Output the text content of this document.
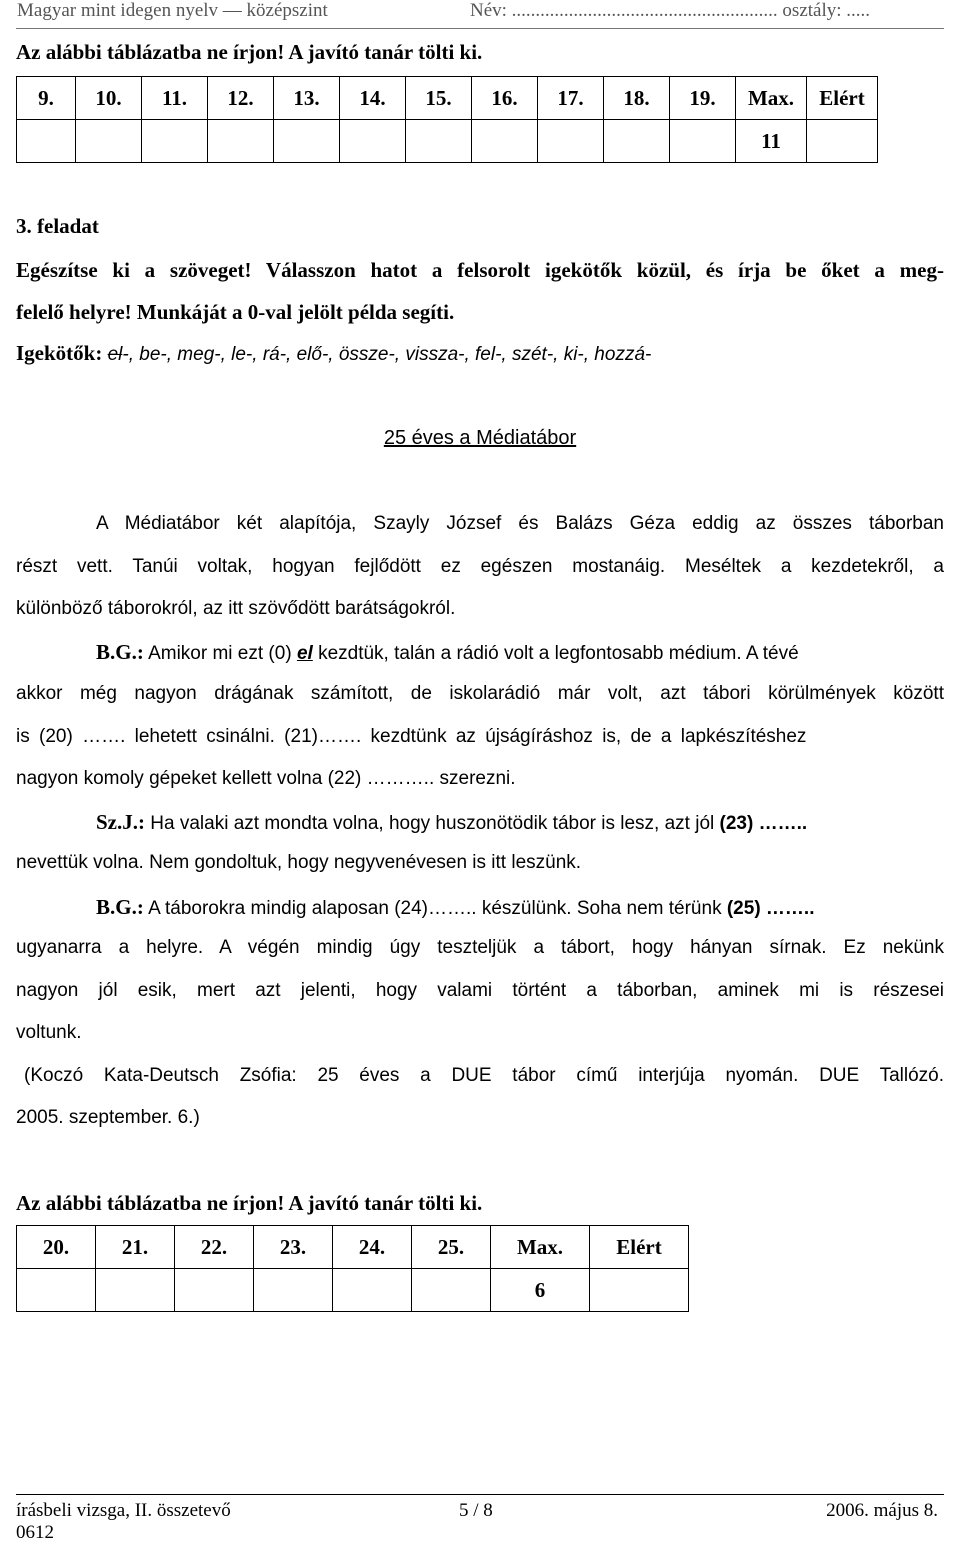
Magyar mint idegen nyelv — középszint	Név: ........................................................ osztály: .....
Az alábbi táblázatba ne írjon! A javító tanár tölti ki.
9.	10.	11.	12.	13.	14.	15.	16.	17.	18.	19.	Max.	Elért
											11	
3. feladat
Egészítse ki a szöveget! Válasszon hatot a felsorolt igekötők közül, és írja be őket a meg-
felelő helyre! Munkáját a 0-val jelölt példa segíti.
Igekötők: el-, be-, meg-, le-, rá-, elő-, össze-, vissza-, fel-, szét-, ki-, hozzá-
25 éves a Médiatábor
A Médiatábor két alapítója, Szayly József és Balázs Géza eddig az összes táborban
részt vett. Tanúi voltak, hogyan fejlődött ez egészen mostanáig. Meséltek a kezdetekről, a
különböző táborokról, az itt szövődött barátságokról.
B.G.: Amikor mi ezt (0) el kezdtük, talán a rádió volt a legfontosabb médium. A tévé
akkor még nagyon drágának számított, de iskolarádió már volt, azt tábori körülmények között
is (20) ……. lehetett csinálni. (21)……. kezdtünk az újságíráshoz is, de a lapkészítéshez
nagyon komoly gépeket kellett volna (22) ……….. szerezni.
Sz.J.: Ha valaki azt mondta volna, hogy huszonötödik tábor is lesz, azt jól (23) ……..
nevettük volna. Nem gondoltuk, hogy negyvenévesen is itt leszünk.
B.G.: A táborokra mindig alaposan (24)…….. készülünk. Soha nem térünk (25) ……..
ugyanarra a helyre. A végén mindig úgy teszteljük a tábort, hogy hányan sírnak. Ez nekünk
nagyon jól esik, mert azt jelenti, hogy valami történt a táborban, aminek mi is részesei
voltunk.
(Koczó Kata-Deutsch Zsófia: 25 éves a DUE tábor című interjúja nyomán. DUE Tallózó.
2005. szeptember. 6.)
Az alábbi táblázatba ne írjon! A javító tanár tölti ki.
20.	21.	22.	23.	24.	25.	Max.	Elért
						6	
írásbeli vizsga, II. összetevő	5 / 8	2006. május 8.
0612
